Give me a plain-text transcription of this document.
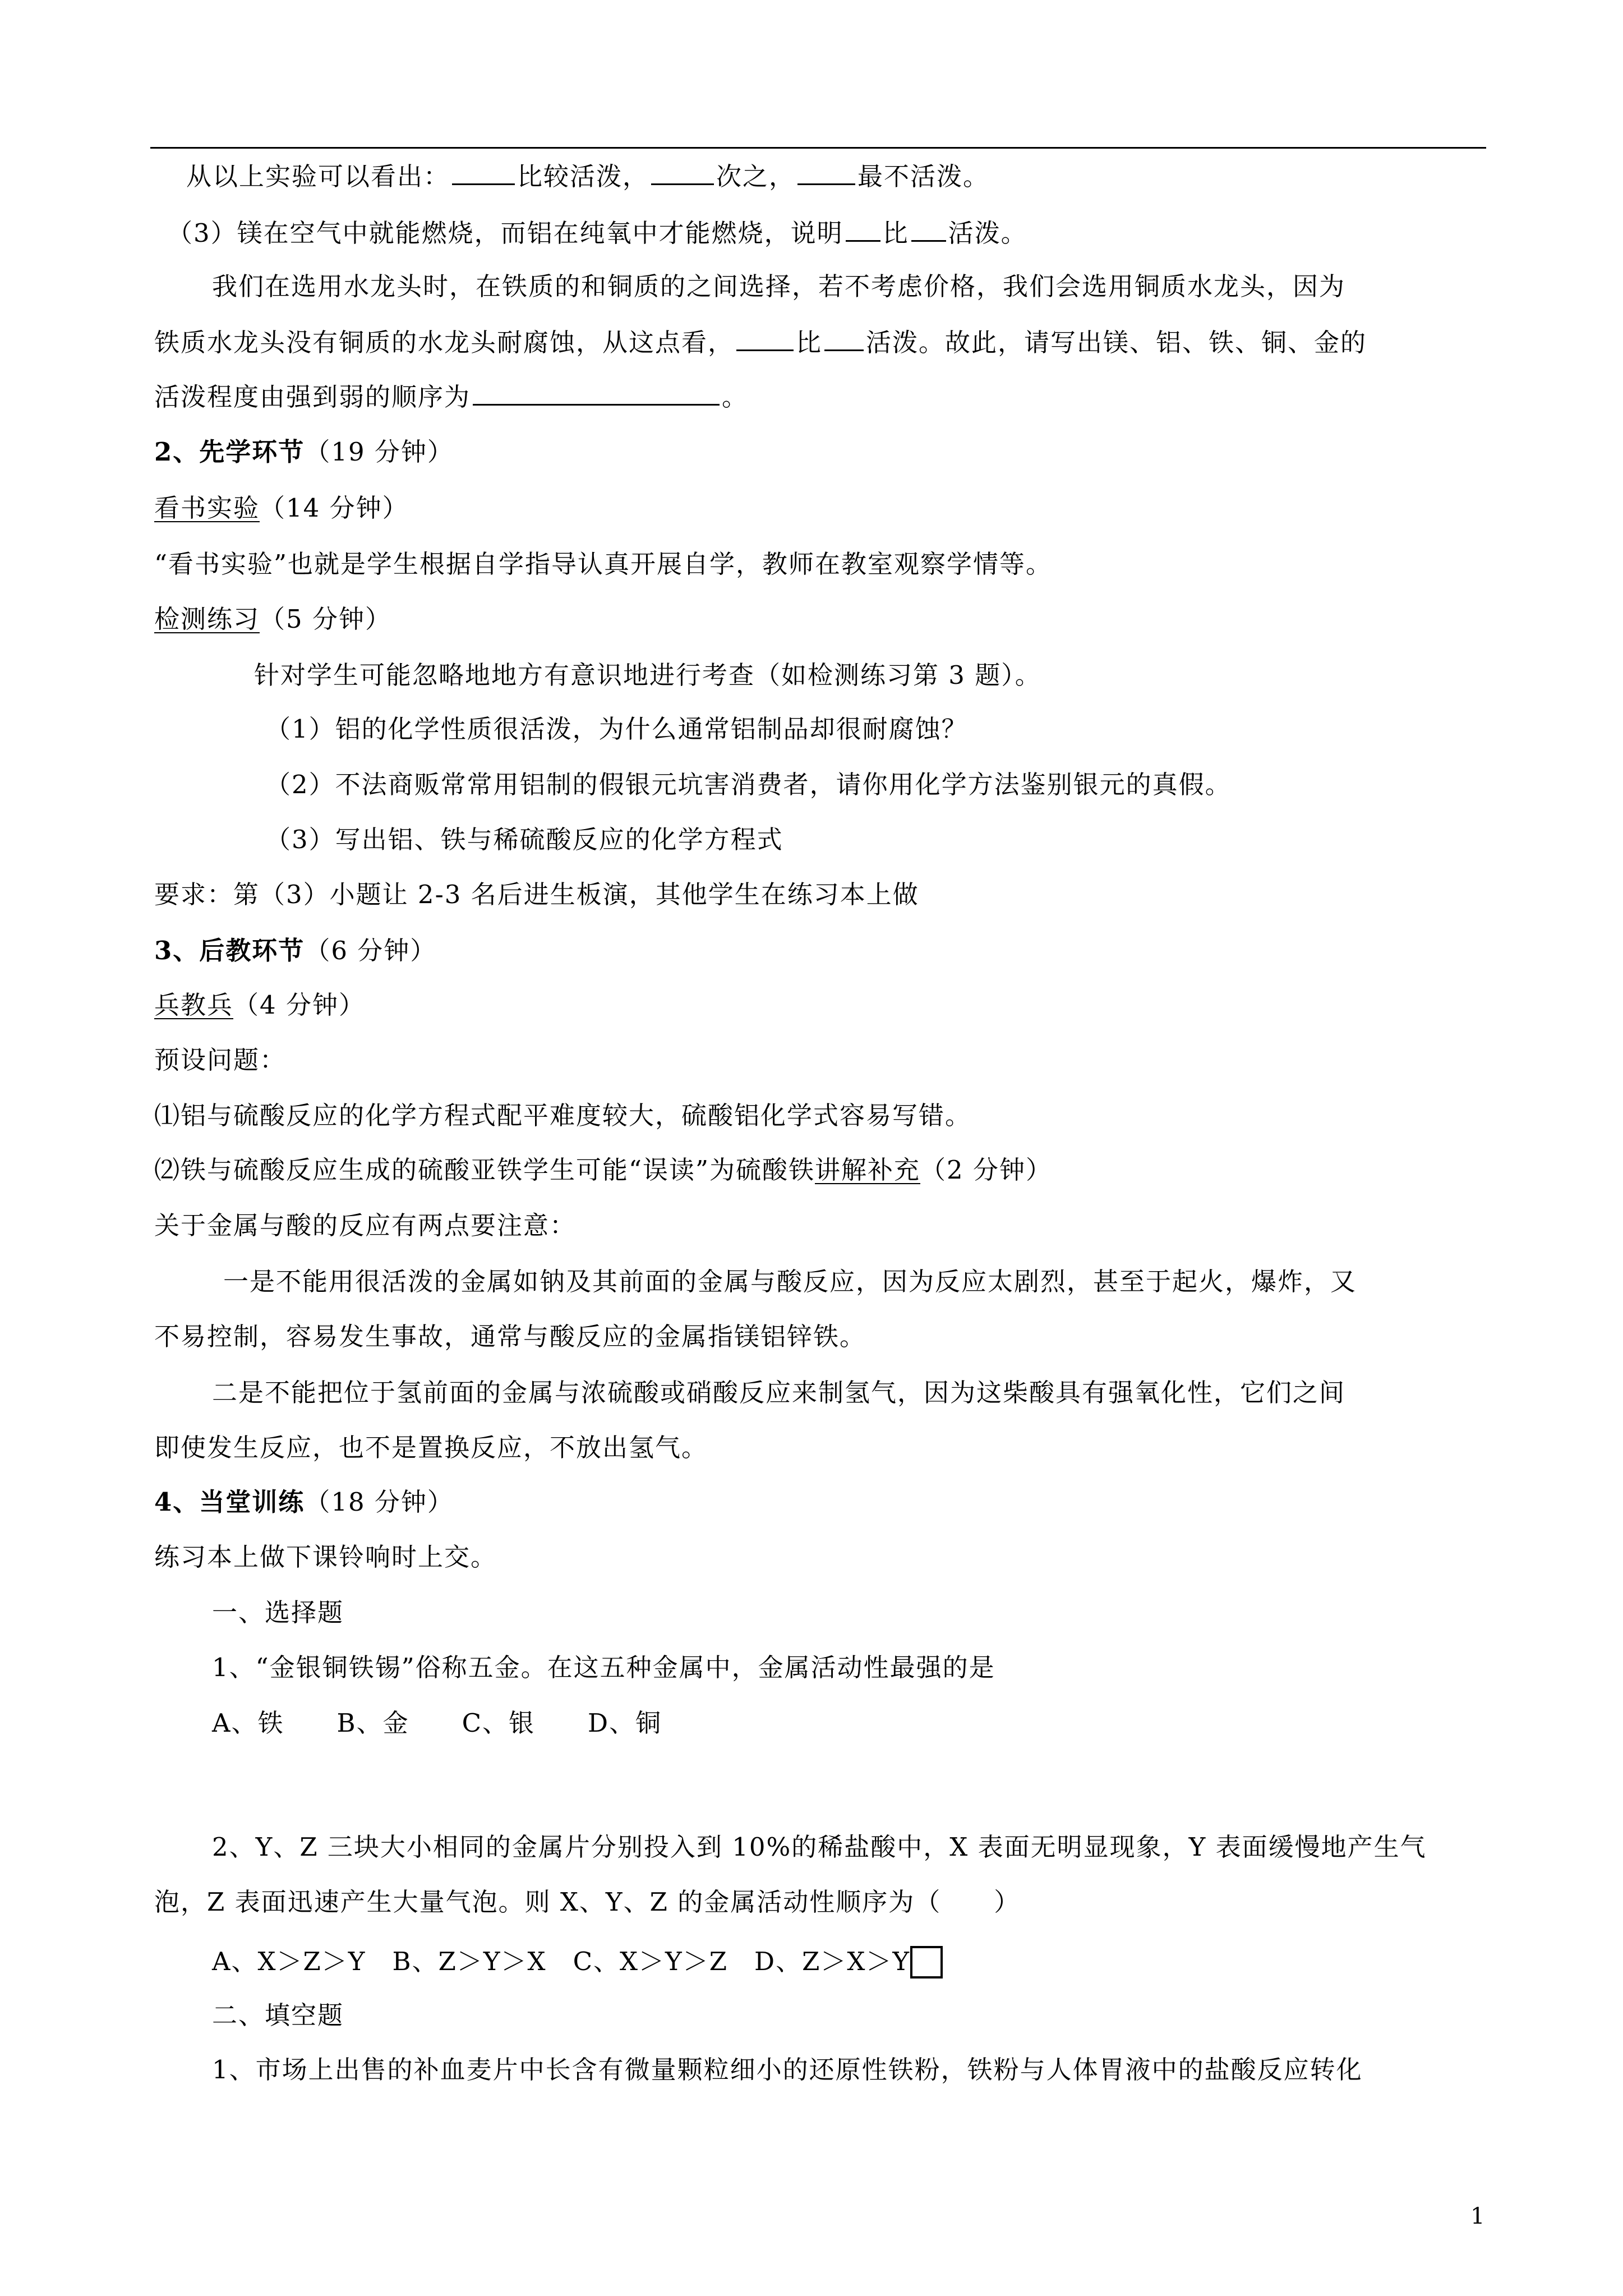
从以上实验可以看出：	比较活泼，	次之， 最不活泼。
（3）镁在空气中就能燃烧，而铝在纯氧中才能燃烧，说明 比 活泼。
我们在选用水龙头时，在铁质的和铜质的之间选择，若不考虑价格，我们会选用铜质水龙头，因为
铁质水龙头没有铜质的水龙头耐腐蚀，从这点看， 比 活泼。故此，请写出镁、铝、铁、铜、金的
活泼程度由强到弱的顺序为	。
2、先学环节（19 分钟）
看书实验（14 分钟）
“看书实验”也就是学生根据自学指导认真开展自学，教师在教室观察学情等。
检测练习（5 分钟）
针对学生可能忽略地地方有意识地进行考查（如检测练习第 3 题）。
（1）铝的化学性质很活泼，为什么通常铝制品却很耐腐蚀？
（2）不法商贩常常用铝制的假银元坑害消费者，请你用化学方法鉴别银元的真假。
（3）写出铝、铁与稀硫酸反应的化学方程式
要求：第（3）小题让 2-3 名后进生板演，其他学生在练习本上做
3、后教环节（6 分钟）
兵教兵（4 分钟）
预设问题：
⑴铝与硫酸反应的化学方程式配平难度较大，硫酸铝化学式容易写错。
⑵铁与硫酸反应生成的硫酸亚铁学生可能“误读”为硫酸铁讲解补充（2 分钟）
关于金属与酸的反应有两点要注意：
一是不能用很活泼的金属如钠及其前面的金属与酸反应，因为反应太剧烈，甚至于起火，爆炸，又
不易控制，容易发生事故，通常与酸反应的金属指镁铝锌铁。
二是不能把位于氢前面的金属与浓硫酸或硝酸反应来制氢气，因为这柴酸具有强氧化性，它们之间
即使发生反应，也不是置换反应，不放出氢气。
4、当堂训练（18 分钟）
练习本上做下课铃响时上交。
一、选择题
1、“金银铜铁锡”俗称五金。在这五种金属中，金属活动性最强的是
A、铁　　B、金　　C、银　　D、铜
2、Y、Z 三块大小相同的金属片分别投入到 10%的稀盐酸中，X 表面无明显现象，Y 表面缓慢地产生气
泡，Z 表面迅速产生大量气泡。则 X、Y、Z 的金属活动性顺序为（　　）
A、X＞Z＞Y　B、Z＞Y＞X　C、X＞Y＞Z　D、Z＞X＞Y
二、填空题
1、市场上出售的补血麦片中长含有微量颗粒细小的还原性铁粉，铁粉与人体胃液中的盐酸反应转化
1
